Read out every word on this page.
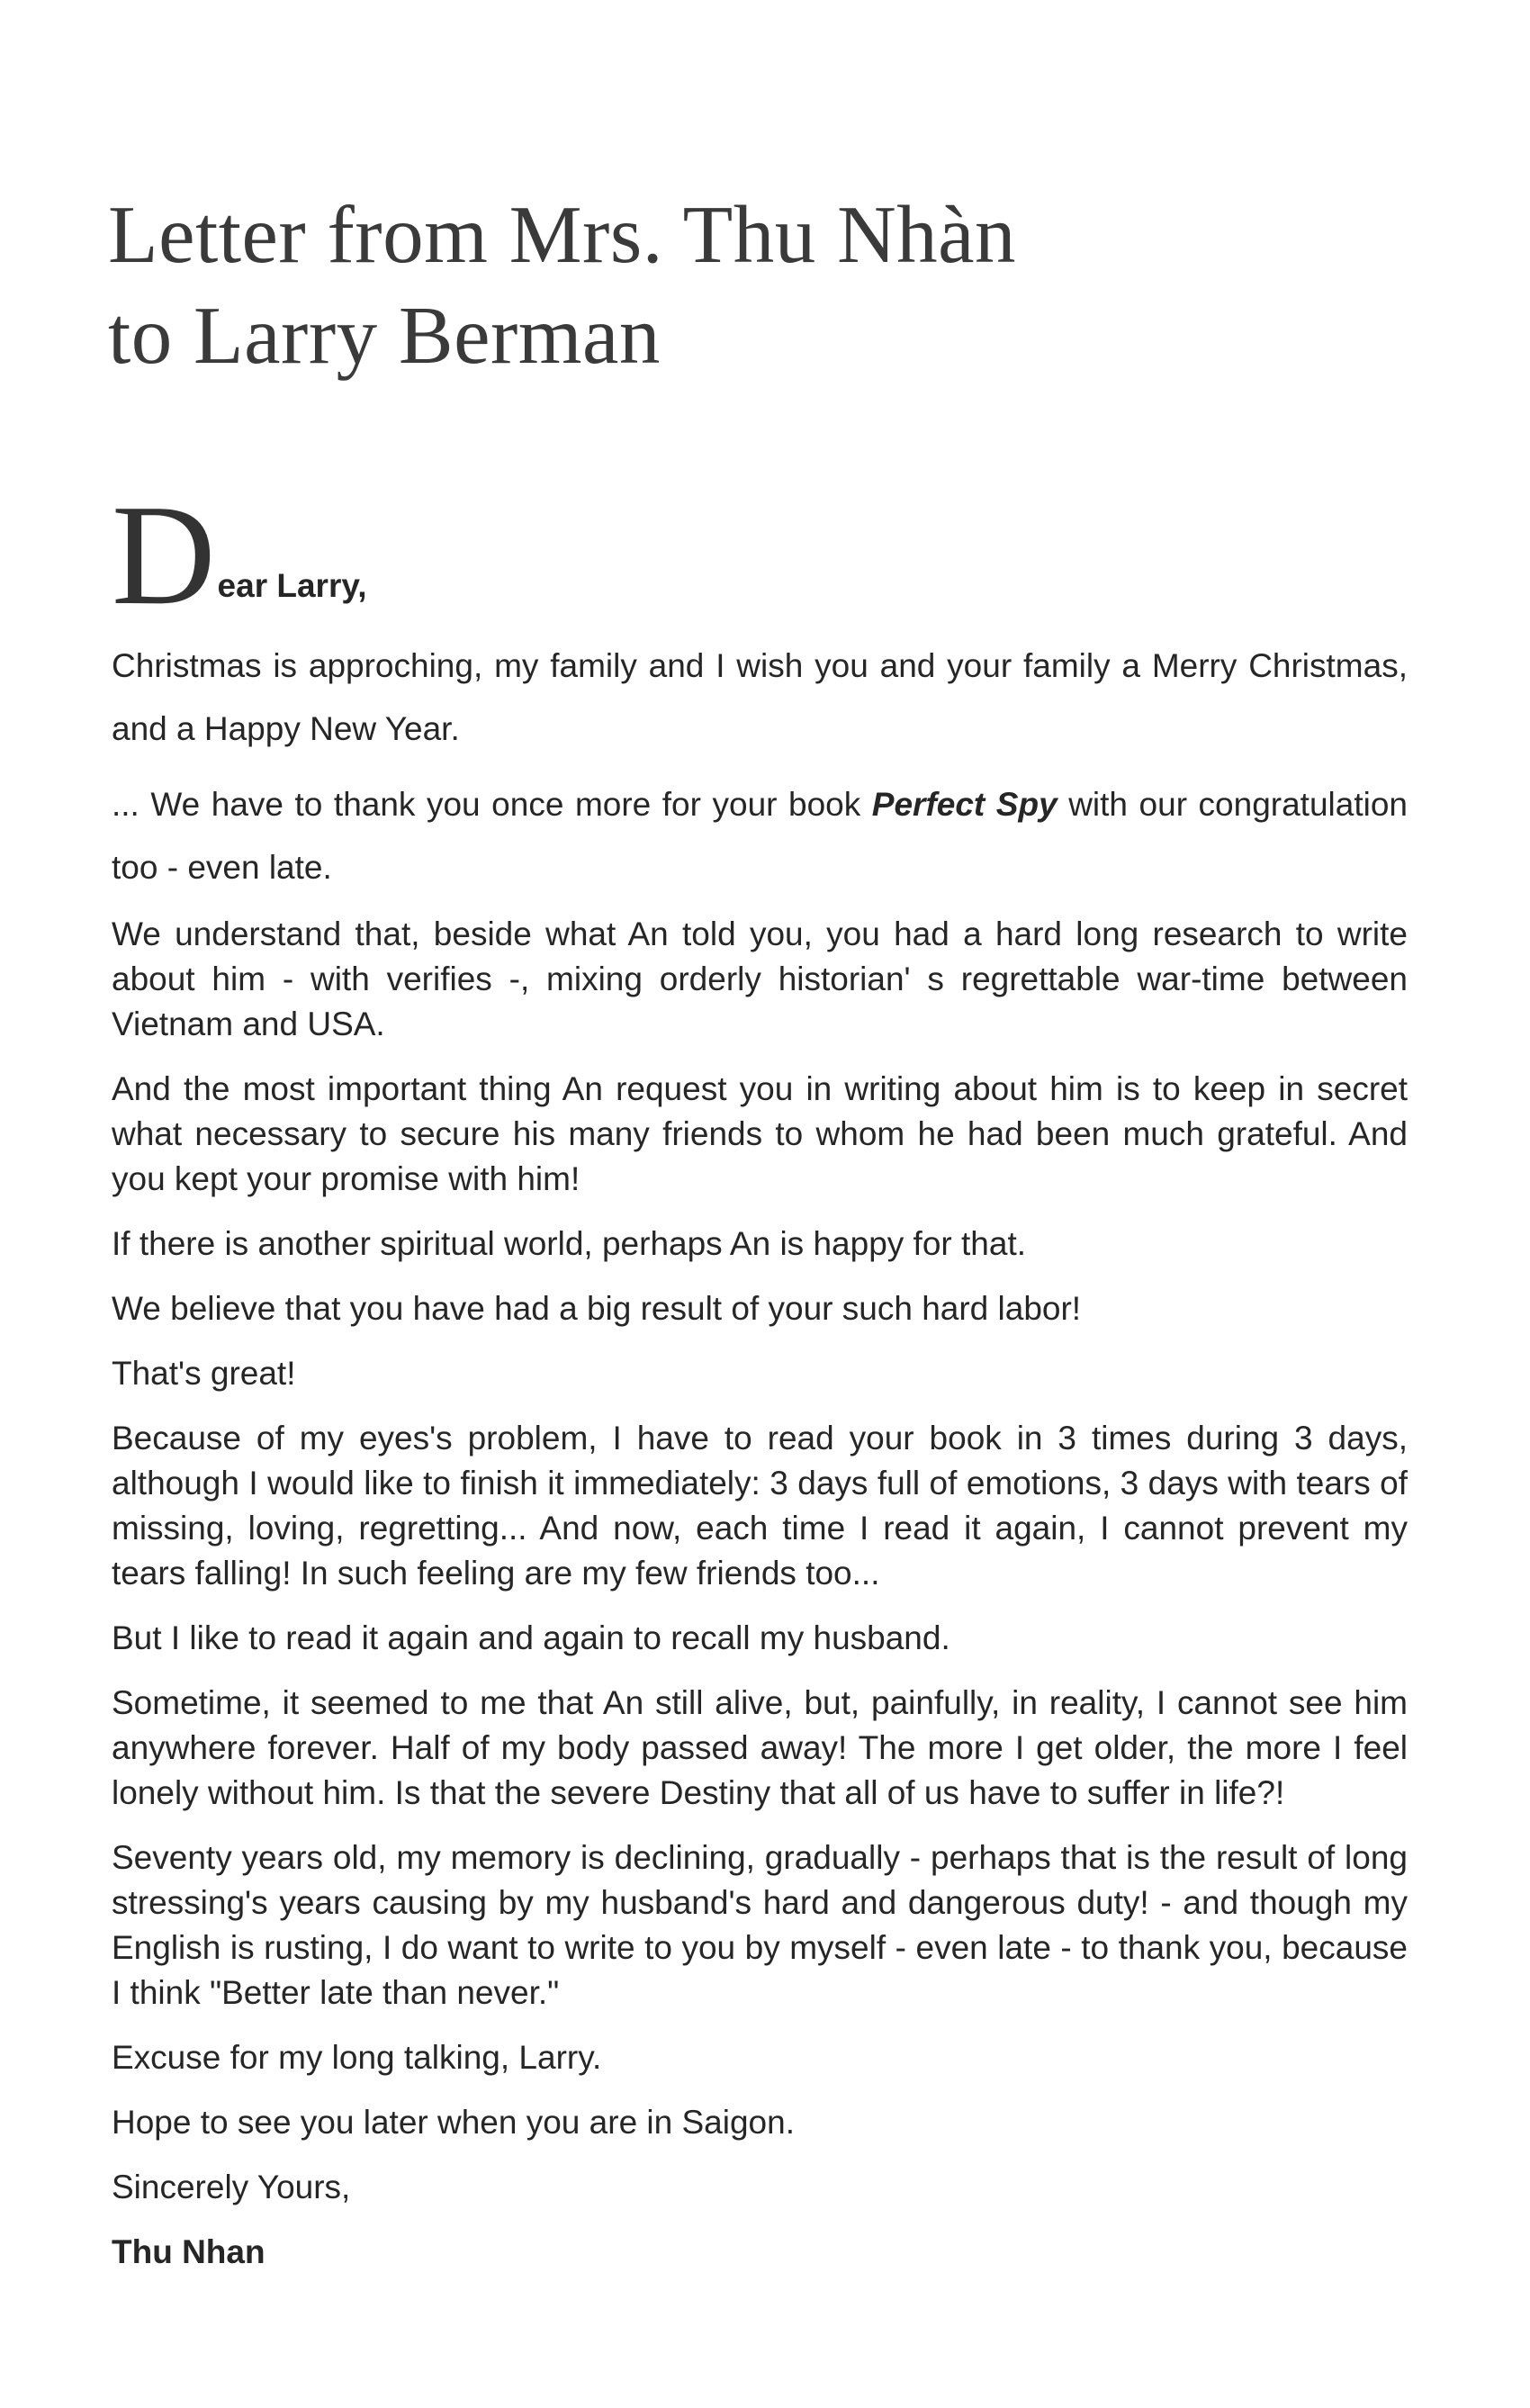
Letter from Mrs. Thu Nhàn
to Larry Berman
D ear Larry,

Christmas is approching, my family and I wish you and your family a Merry Christmas, and a Happy New Year.

... We have to thank you once more for your book Perfect Spy with our congratulation too - even late.

We understand that, beside what An told you, you had a hard long research to write about him - with verifies -, mixing orderly historian' s regrettable war-time between Vietnam and USA.

And the most important thing An request you in writing about him is to keep in secret what necessary to secure his many friends to whom he had been much grateful. And you kept your promise with him!

If there is another spiritual world, perhaps An is happy for that.

We believe that you have had a big result of your such hard labor!

That's great!

Because of my eyes's problem, I have to read your book in 3 times during 3 days, although I would like to finish it immediately: 3 days full of emotions, 3 days with tears of missing, loving, regretting... And now, each time I read it again, I cannot prevent my tears falling! In such feeling are my few friends too...

But I like to read it again and again to recall my husband.

Sometime, it seemed to me that An still alive, but, painfully, in reality, I cannot see him anywhere forever. Half of my body passed away! The more I get older, the more I feel lonely without him. Is that the severe Destiny that all of us have to suffer in life?!

Seventy years old, my memory is declining, gradually - perhaps that is the result of long stressing's years causing by my husband's hard and dangerous duty! - and though my English is rusting, I do want to write to you by myself - even late - to thank you, because I think "Better late than never."

Excuse for my long talking, Larry.

Hope to see you later when you are in Saigon.

Sincerely Yours,

Thu Nhan
